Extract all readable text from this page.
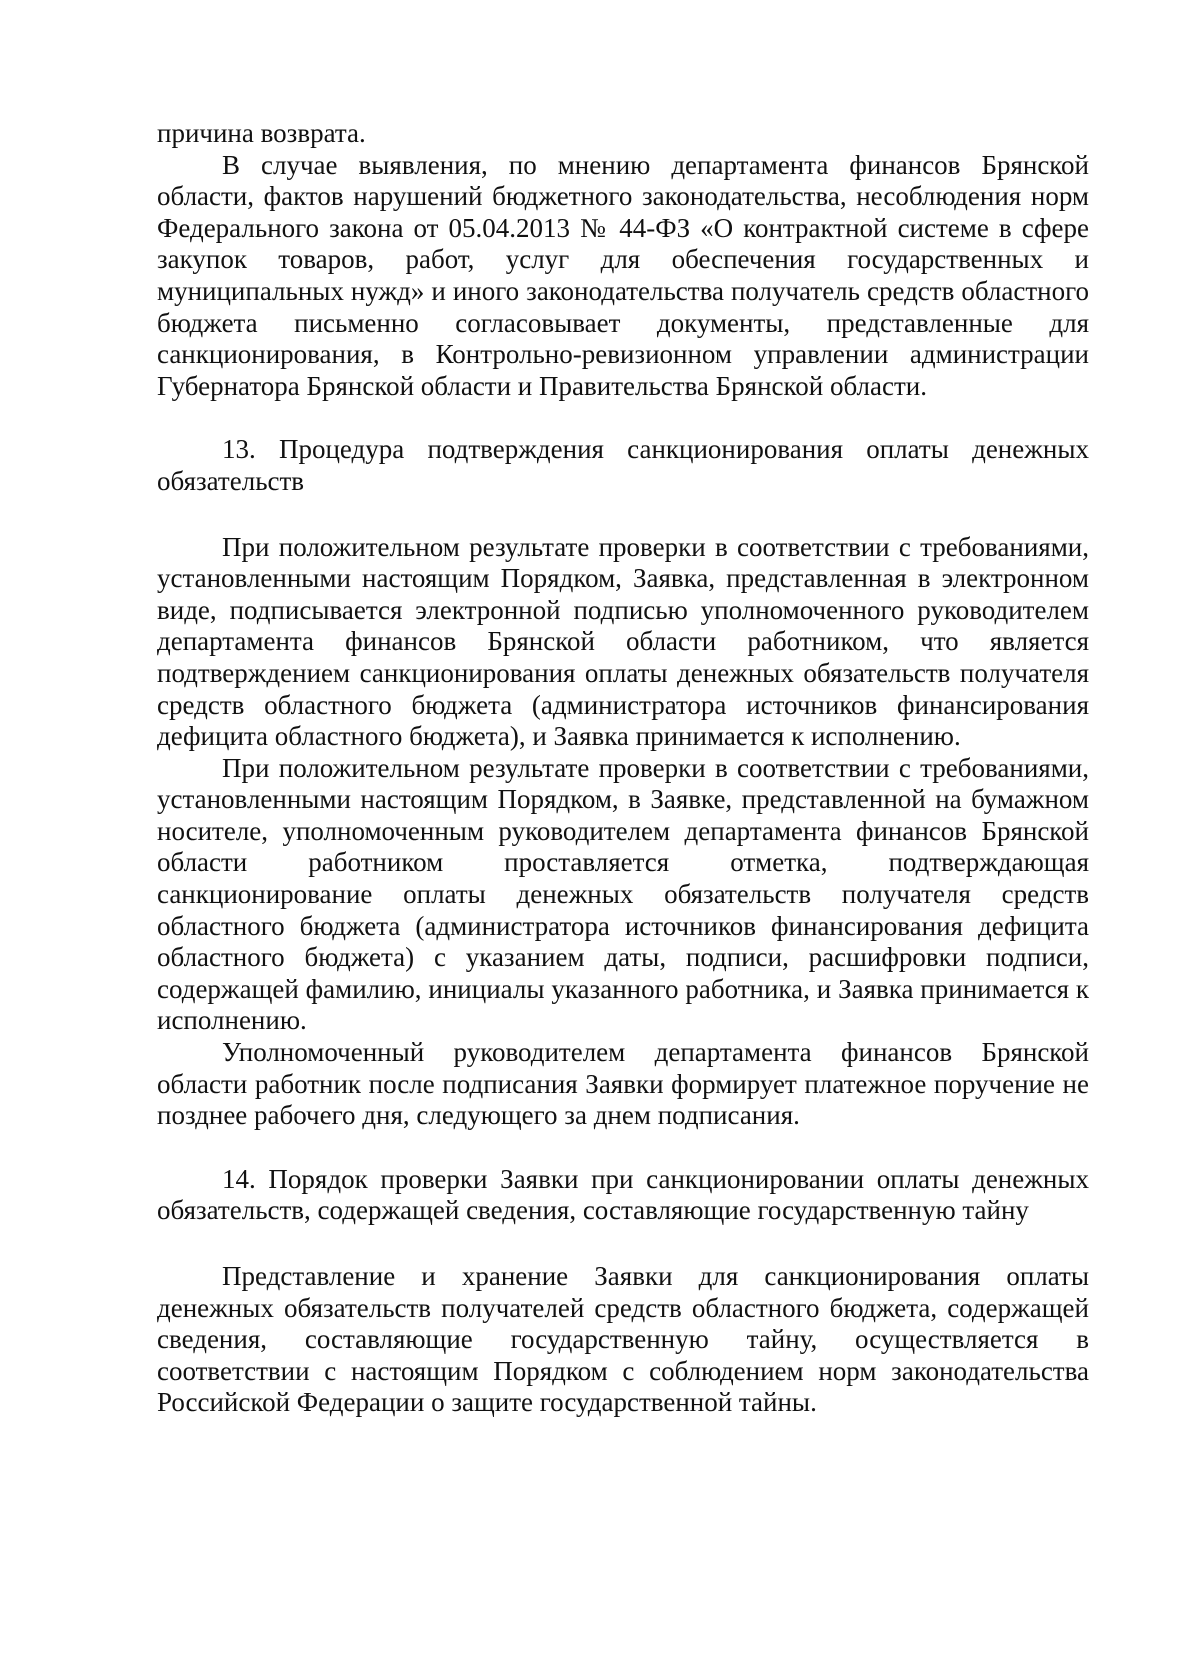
причина возврата.

В случае выявления, по мнению департамента финансов Брянской области, фактов нарушений бюджетного законодательства, несоблюдения норм Федерального закона от 05.04.2013 № 44-ФЗ «О контрактной системе в сфере закупок товаров, работ, услуг для обеспечения государственных и муниципальных нужд» и иного законодательства получатель средств областного бюджета письменно согласовывает документы, представленные для санкционирования, в Контрольно-ревизионном управлении администрации Губернатора Брянской области и Правительства Брянской области.

13. Процедура подтверждения санкционирования оплаты денежных обязательств

При положительном результате проверки в соответствии с требованиями, установленными настоящим Порядком, Заявка, представленная в электронном виде, подписывается электронной подписью уполномоченного руководителем департамента финансов Брянской области работником, что является подтверждением санкционирования оплаты денежных обязательств получателя средств областного бюджета (администратора источников финансирования дефицита областного бюджета), и Заявка принимается к исполнению.

При положительном результате проверки в соответствии с требованиями, установленными настоящим Порядком, в Заявке, представленной на бумажном носителе, уполномоченным руководителем департамента финансов Брянской области работником проставляется отметка, подтверждающая санкционирование оплаты денежных обязательств получателя средств областного бюджета (администратора источников финансирования дефицита областного бюджета) с указанием даты, подписи, расшифровки подписи, содержащей фамилию, инициалы указанного работника, и Заявка принимается к исполнению.

Уполномоченный руководителем департамента финансов Брянской области работник после подписания Заявки формирует платежное поручение не позднее рабочего дня, следующего за днем подписания.

14. Порядок проверки Заявки при санкционировании оплаты денежных обязательств, содержащей сведения, составляющие государственную тайну

Представление и хранение Заявки для санкционирования оплаты денежных обязательств получателей средств областного бюджета, содержащей сведения, составляющие государственную тайну, осуществляется в соответствии с настоящим Порядком с соблюдением норм законодательства Российской Федерации о защите государственной тайны.
